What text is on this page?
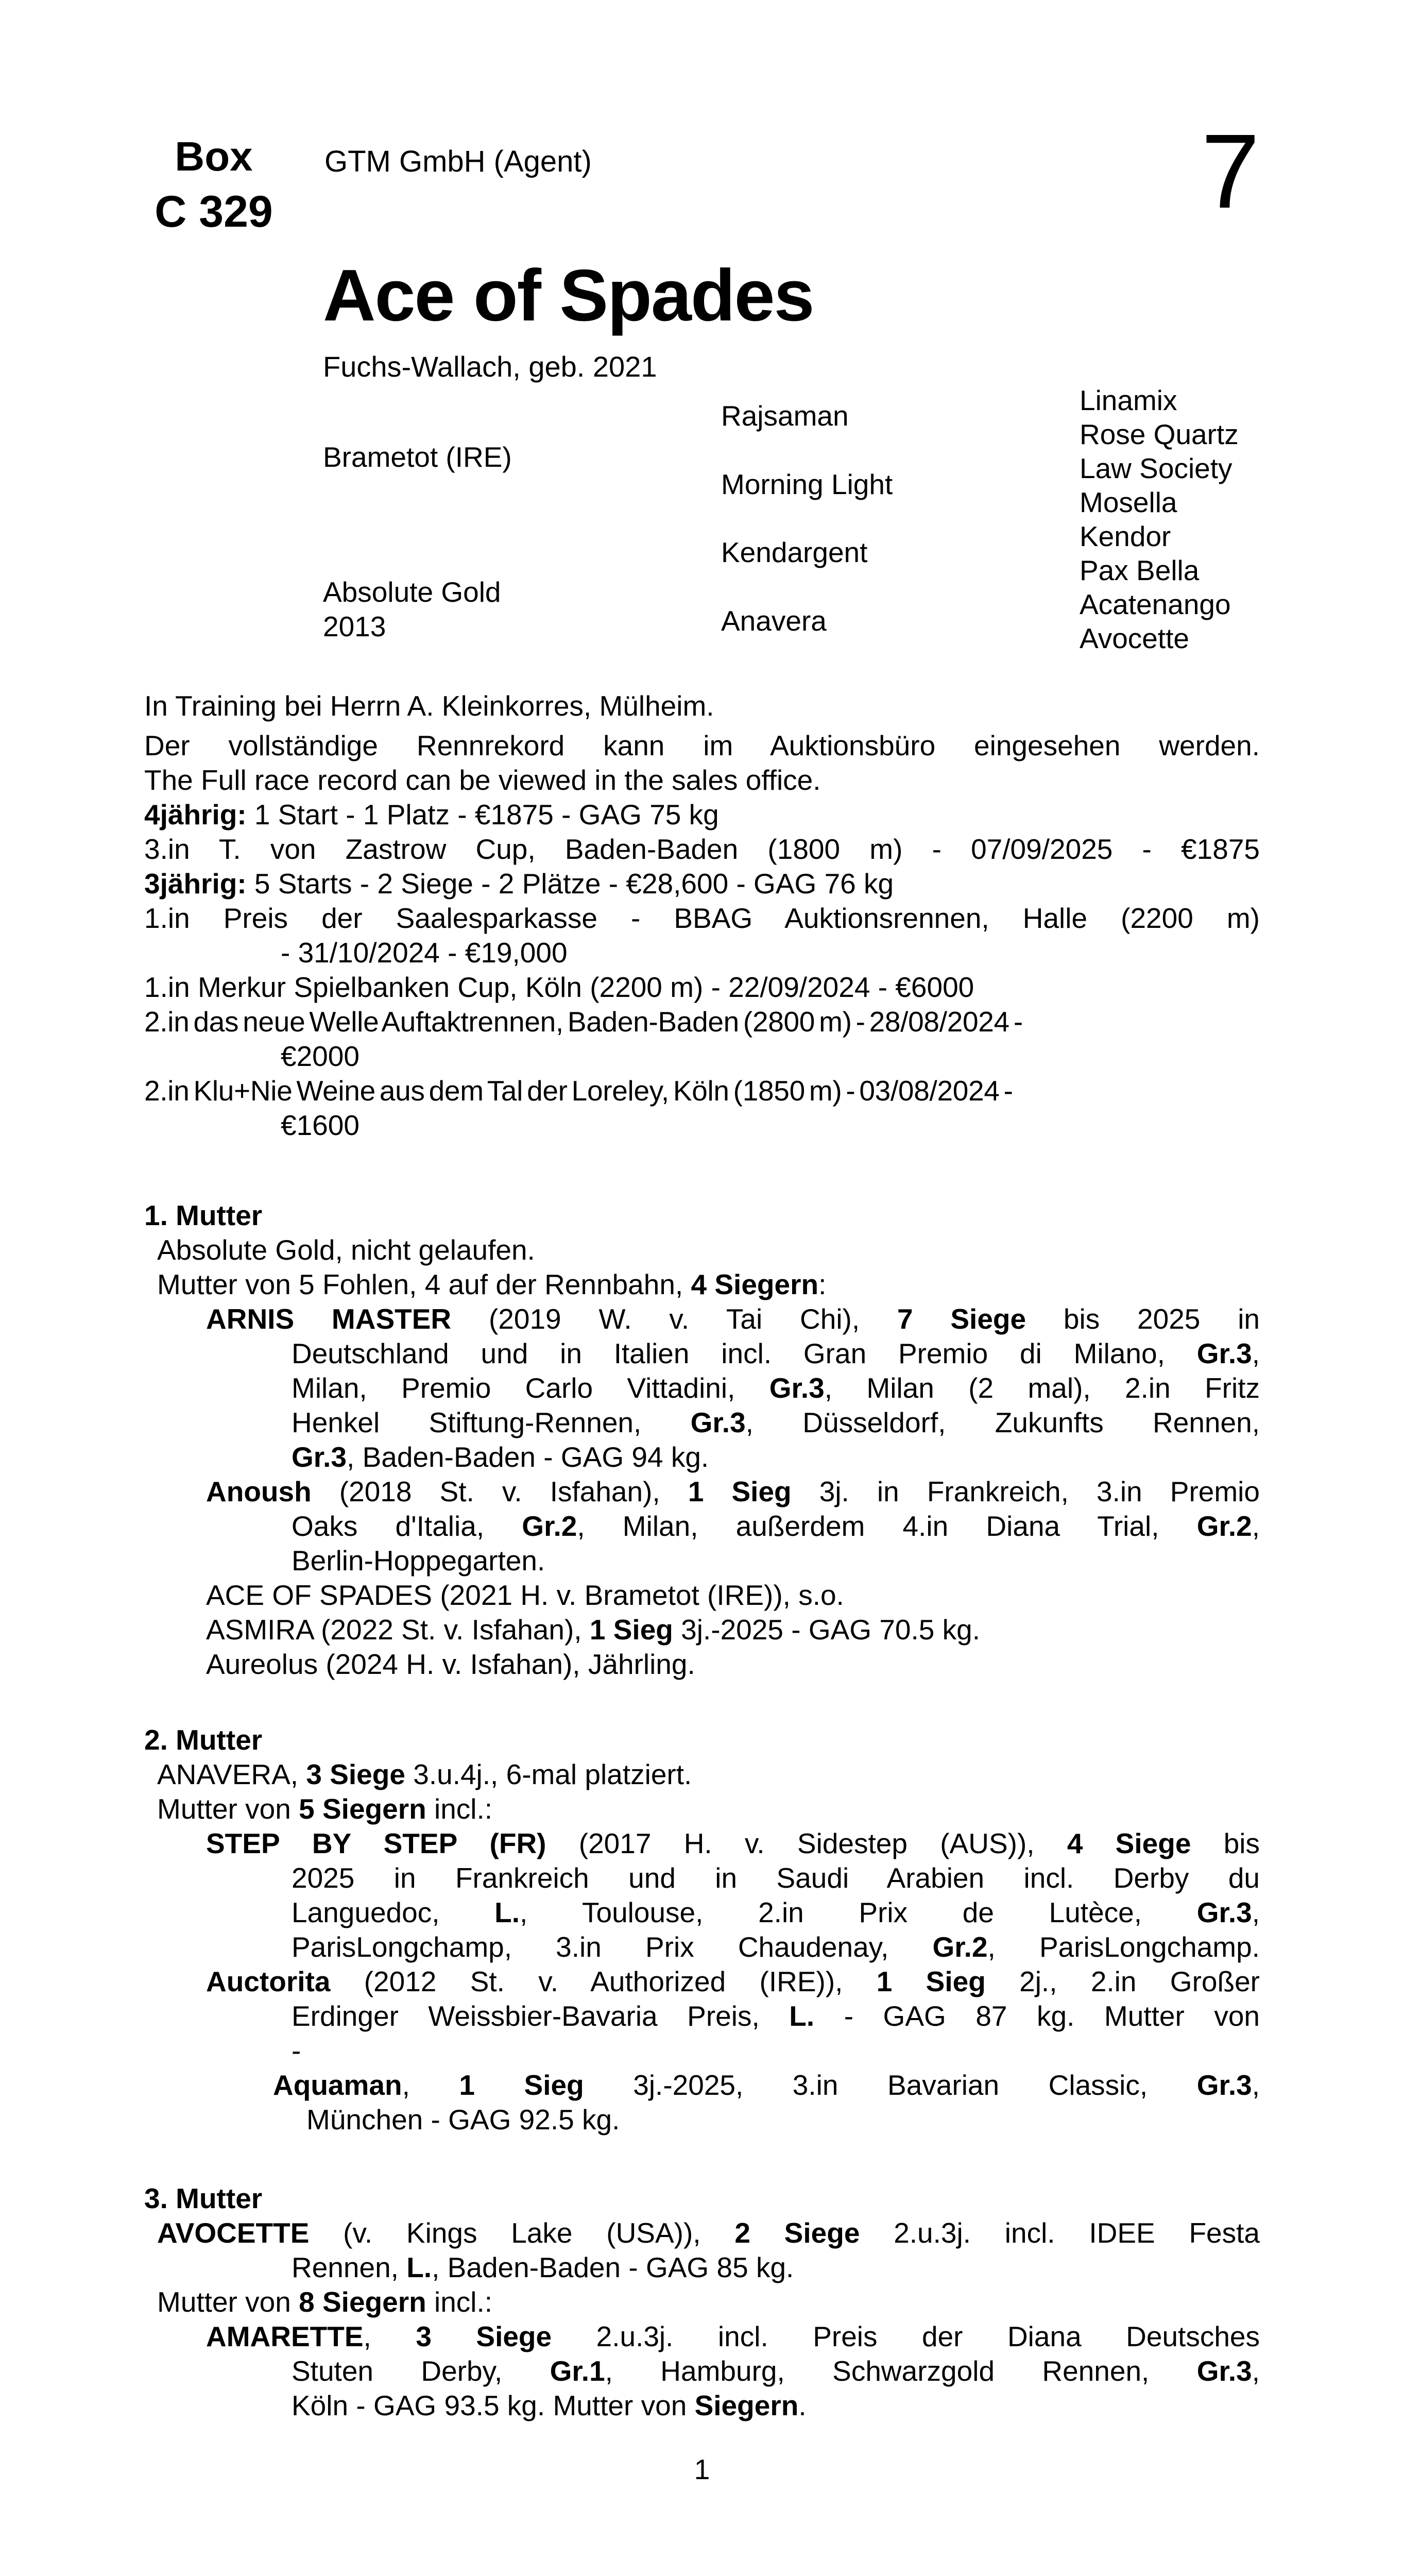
Box
C 329
GTM GmbH (Agent)	7
Ace of Spades
Fuchs-Wallach, geb. 2021
Brametot (IRE)
Absolute Gold
2013
Rajsaman
Morning Light
Kendargent
Anavera
Linamix
Rose Quartz
Law Society
Mosella
Kendor
Pax Bella
Acatenango
Avocette
In Training bei Herrn A. Kleinkorres, Mülheim.
Der vollständige Rennrekord kann im Auktionsbüro eingesehen werden.
The Full race record can be viewed in the sales office.
4jährig: 1 Start - 1 Platz - €1875 - GAG 75 kg
3.in T. von Zastrow Cup, Baden-Baden (1800 m) - 07/09/2025 - €1875
3jährig: 5 Starts - 2 Siege - 2 Plätze - €28,600 - GAG 76 kg
1.in Preis der Saalesparkasse - BBAG Auktionsrennen, Halle (2200 m)
- 31/10/2024 - €19,000
1.in Merkur Spielbanken Cup, Köln (2200 m) - 22/09/2024 - €6000
2.in das neue Welle Auftaktrennen, Baden-Baden (2800 m) - 28/08/2024 -
€2000
2.in Klu+Nie Weine aus dem Tal der Loreley, Köln (1850 m) - 03/08/2024 -
€1600
1. Mutter
Absolute Gold, nicht gelaufen.
Mutter von 5 Fohlen, 4 auf der Rennbahn, 4 Siegern:
ARNIS MASTER (2019 W. v. Tai Chi), 7 Siege bis 2025 in
Deutschland und in Italien incl. Gran Premio di Milano, Gr.3,
Milan, Premio Carlo Vittadini, Gr.3, Milan (2 mal), 2.in Fritz
Henkel Stiftung-Rennen, Gr.3, Düsseldorf, Zukunfts Rennen,
Gr.3, Baden-Baden - GAG 94 kg.
Anoush (2018 St. v. Isfahan), 1 Sieg 3j. in Frankreich, 3.in Premio
Oaks d'Italia, Gr.2, Milan, außerdem 4.in Diana Trial, Gr.2,
Berlin-Hoppegarten.
ACE OF SPADES (2021 H. v. Brametot (IRE)), s.o.
ASMIRA (2022 St. v. Isfahan), 1 Sieg 3j.-2025 - GAG 70.5 kg.
Aureolus (2024 H. v. Isfahan), Jährling.
2. Mutter
ANAVERA, 3 Siege 3.u.4j., 6-mal platziert.
Mutter von 5 Siegern incl.:
STEP BY STEP (FR) (2017 H. v. Sidestep (AUS)), 4 Siege bis
2025 in Frankreich und in Saudi Arabien incl. Derby du
Languedoc, L., Toulouse, 2.in Prix de Lutèce, Gr.3,
ParisLongchamp, 3.in Prix Chaudenay, Gr.2, ParisLongchamp.
Auctorita (2012 St. v. Authorized (IRE)), 1 Sieg 2j., 2.in Großer
Erdinger Weissbier-Bavaria Preis, L. - GAG 87 kg. Mutter von
-
Aquaman, 1 Sieg 3j.-2025, 3.in Bavarian Classic, Gr.3,
München - GAG 92.5 kg.
3. Mutter
AVOCETTE (v. Kings Lake (USA)), 2 Siege 2.u.3j. incl. IDEE Festa
Rennen, L., Baden-Baden - GAG 85 kg.
Mutter von 8 Siegern incl.:
AMARETTE, 3 Siege 2.u.3j. incl. Preis der Diana Deutsches
Stuten Derby, Gr.1, Hamburg, Schwarzgold Rennen, Gr.3,
Köln - GAG 93.5 kg. Mutter von Siegern.
1
